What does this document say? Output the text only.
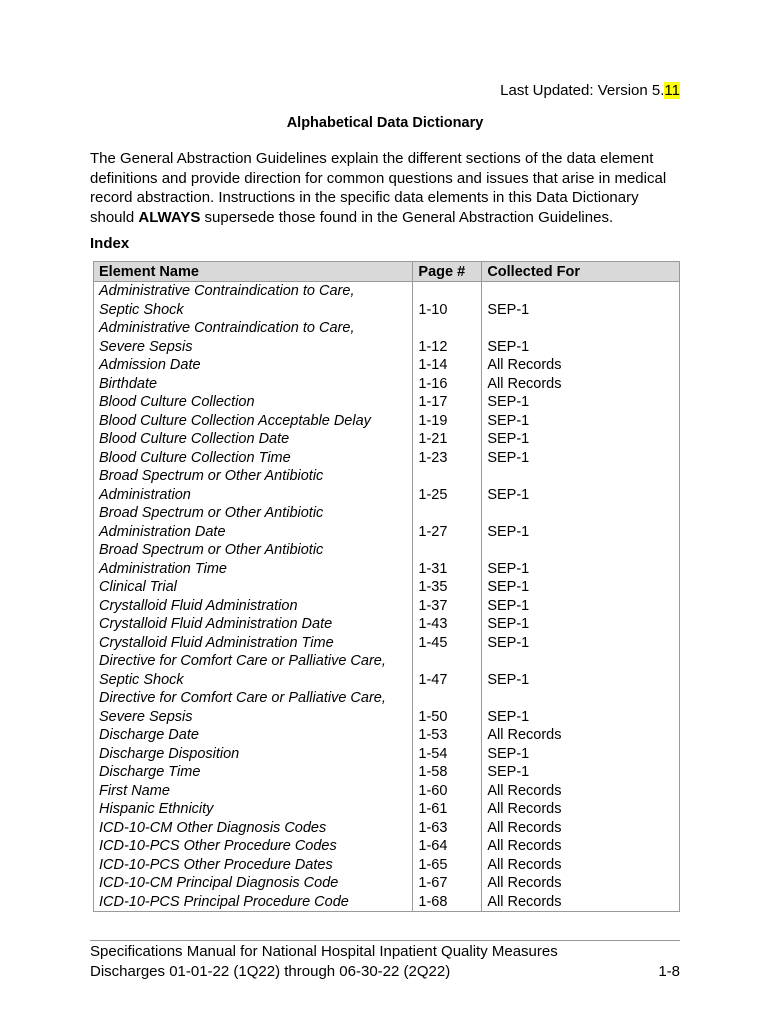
Last Updated: Version 5.11
Alphabetical Data Dictionary

The General Abstraction Guidelines explain the different sections of the data element definitions and provide direction for common questions and issues that arise in medical record abstraction. Instructions in the specific data elements in this Data Dictionary should ALWAYS supersede those found in the General Abstraction Guidelines.

Index
Element Name	Page #	Collected For

Administrative Contraindication to Care,
Septic Shock	1-10	SEP-1

Administrative Contraindication to Care,
Severe Sepsis	1-12	SEP-1

Admission Date	1-14	All Records

Birthdate	1-16	All Records

Blood Culture Collection	1-17	SEP-1

Blood Culture Collection Acceptable Delay	1-19	SEP-1

Blood Culture Collection Date	1-21	SEP-1

Blood Culture Collection Time	1-23	SEP-1

Broad Spectrum or Other Antibiotic
Administration	1-25	SEP-1

Broad Spectrum or Other Antibiotic
Administration Date	1-27	SEP-1

Broad Spectrum or Other Antibiotic
Administration Time	1-31	SEP-1

Clinical Trial	1-35	SEP-1

Crystalloid Fluid Administration	1-37	SEP-1

Crystalloid Fluid Administration Date	1-43	SEP-1

Crystalloid Fluid Administration Time	1-45	SEP-1

Directive for Comfort Care or Palliative Care,
Septic Shock	1-47	SEP-1

Directive for Comfort Care or Palliative Care,
Severe Sepsis	1-50	SEP-1

Discharge Date	1-53	All Records

Discharge Disposition	1-54	SEP-1

Discharge Time	1-58	SEP-1

First Name	1-60	All Records

Hispanic Ethnicity	1-61	All Records

ICD-10-CM Other Diagnosis Codes	1-63	All Records

ICD-10-PCS Other Procedure Codes	1-64	All Records

ICD-10-PCS Other Procedure Dates	1-65	All Records

ICD-10-CM Principal Diagnosis Code	1-67	All Records

ICD-10-PCS Principal Procedure Code	1-68	All Records
Specifications Manual for National Hospital Inpatient Quality Measures
Discharges 01-01-22 (1Q22) through 06-30-22 (2Q22)	1-8
